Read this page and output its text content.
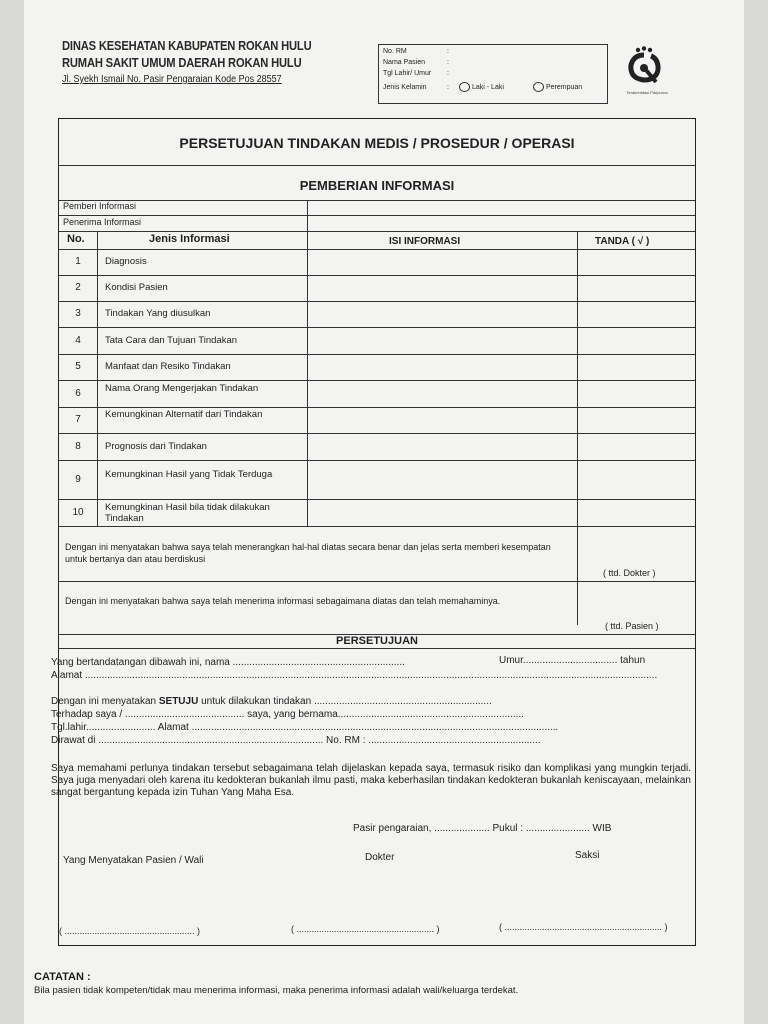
DINAS KESEHATAN KABUPATEN ROKAN HULU
RUMAH SAKIT UMUM DAERAH ROKAN HULU
Jl. Syekh Ismail No. Pasir Pengaraian Kode Pos 28557
No. RM	:
Nama Pasien	:
Tgl Lahir/ Umur :
Jenis Kelamin	:	Laki - Laki	Perempuan
Terakreditasi Paripurna
PERSETUJUAN TINDAKAN MEDIS / PROSEDUR / OPERASI
PEMBERIAN INFORMASI
Pemberi Informasi
Penerima Informasi
No.	Jenis Informasi	ISI INFORMASI	TANDA ( √ )
1	Diagnosis
2	Kondisi Pasien
3	Tindakan Yang diusulkan
4	Tata Cara dan Tujuan Tindakan
5	Manfaat dan Resiko Tindakan
6	Nama Orang Mengerjakan Tindakan
7	Kemungkinan Alternatif dari Tindakan
8	Prognosis dari Tindakan
9	Kemungkinan Hasil yang Tidak Terduga
10	Kemungkinan Hasil bila tidak dilakukan Tindakan
Dengan ini menyatakan bahwa saya telah menerangkan hal-hal diatas secara benar dan jelas serta memberi kesempatan untuk bertanya dan atau berdiskusi
( ttd. Dokter )
Dengan ini menyatakan bahwa saya telah menerima informasi sebagaimana diatas dan telah memahaminya.
( ttd. Pasien )
PERSETUJUAN
Yang bertandatangan dibawah ini, nama ..............................................................	Umur.................................. tahun
Alamat ..............................................................................................................................................................................................................
Dengan ini menyatakan SETUJU untuk dilakukan tindakan ................................................................
Terhadap saya / ........................................... saya, yang bernama...................................................................
Tgl.lahir......................... Alamat ....................................................................................................................................
Dirawat di ................................................................................. No. RM : ..............................................................
Saya memahami perlunya tindakan tersebut sebagaimana telah dijelaskan kepada saya, termasuk risiko dan komplikasi yang mungkin terjadi. Saya juga menyadari oleh karena itu kedokteran bukanlah ilmu pasti, maka keberhasilan tindakan kedokteran bukanlah keniscayaan, melainkan sangat bergantung kepada izin Tuhan Yang Maha Esa.
Pasir pengaraian, .................... Pukul : ....................... WIB
Yang Menyatakan Pasien / Wali	Dokter	Saksi
( .................................................... )	( ....................................................... )	( ............................................................... )
CATATAN :
Bila pasien tidak kompeten/tidak mau menerima informasi, maka penerima informasi adalah wali/keluarga terdekat.
